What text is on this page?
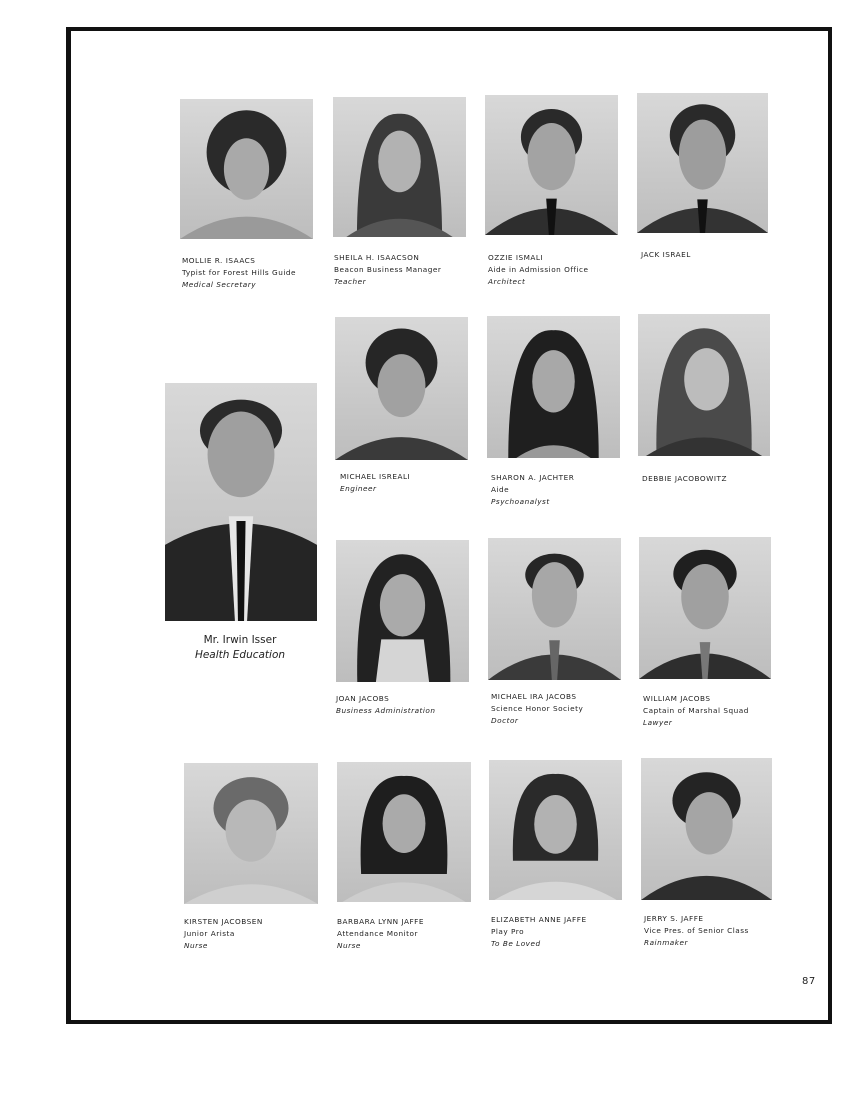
MOLLIE R. ISAACS
Typist for Forest Hills Guide
Medical Secretary
SHEILA H. ISAACSON
Beacon Business Manager
Teacher
OZZIE ISMALI
Aide in Admission Office
Architect
JACK ISRAEL
Mr. Irwin Isser
Health Education
MICHAEL ISREALI
Engineer
SHARON A. JACHTER
Aide
Psychoanalyst
DEBBIE JACOBOWITZ
JOAN JACOBS
Business Administration
MICHAEL IRA JACOBS
Science Honor Society
Doctor
WILLIAM JACOBS
Captain of Marshal Squad
Lawyer
KIRSTEN JACOBSEN
Junior Arista
Nurse
BARBARA LYNN JAFFE
Attendance Monitor
Nurse
ELIZABETH ANNE JAFFE
Play Pro
To Be Loved
JERRY S. JAFFE
Vice Pres. of Senior Class
Rainmaker
87
